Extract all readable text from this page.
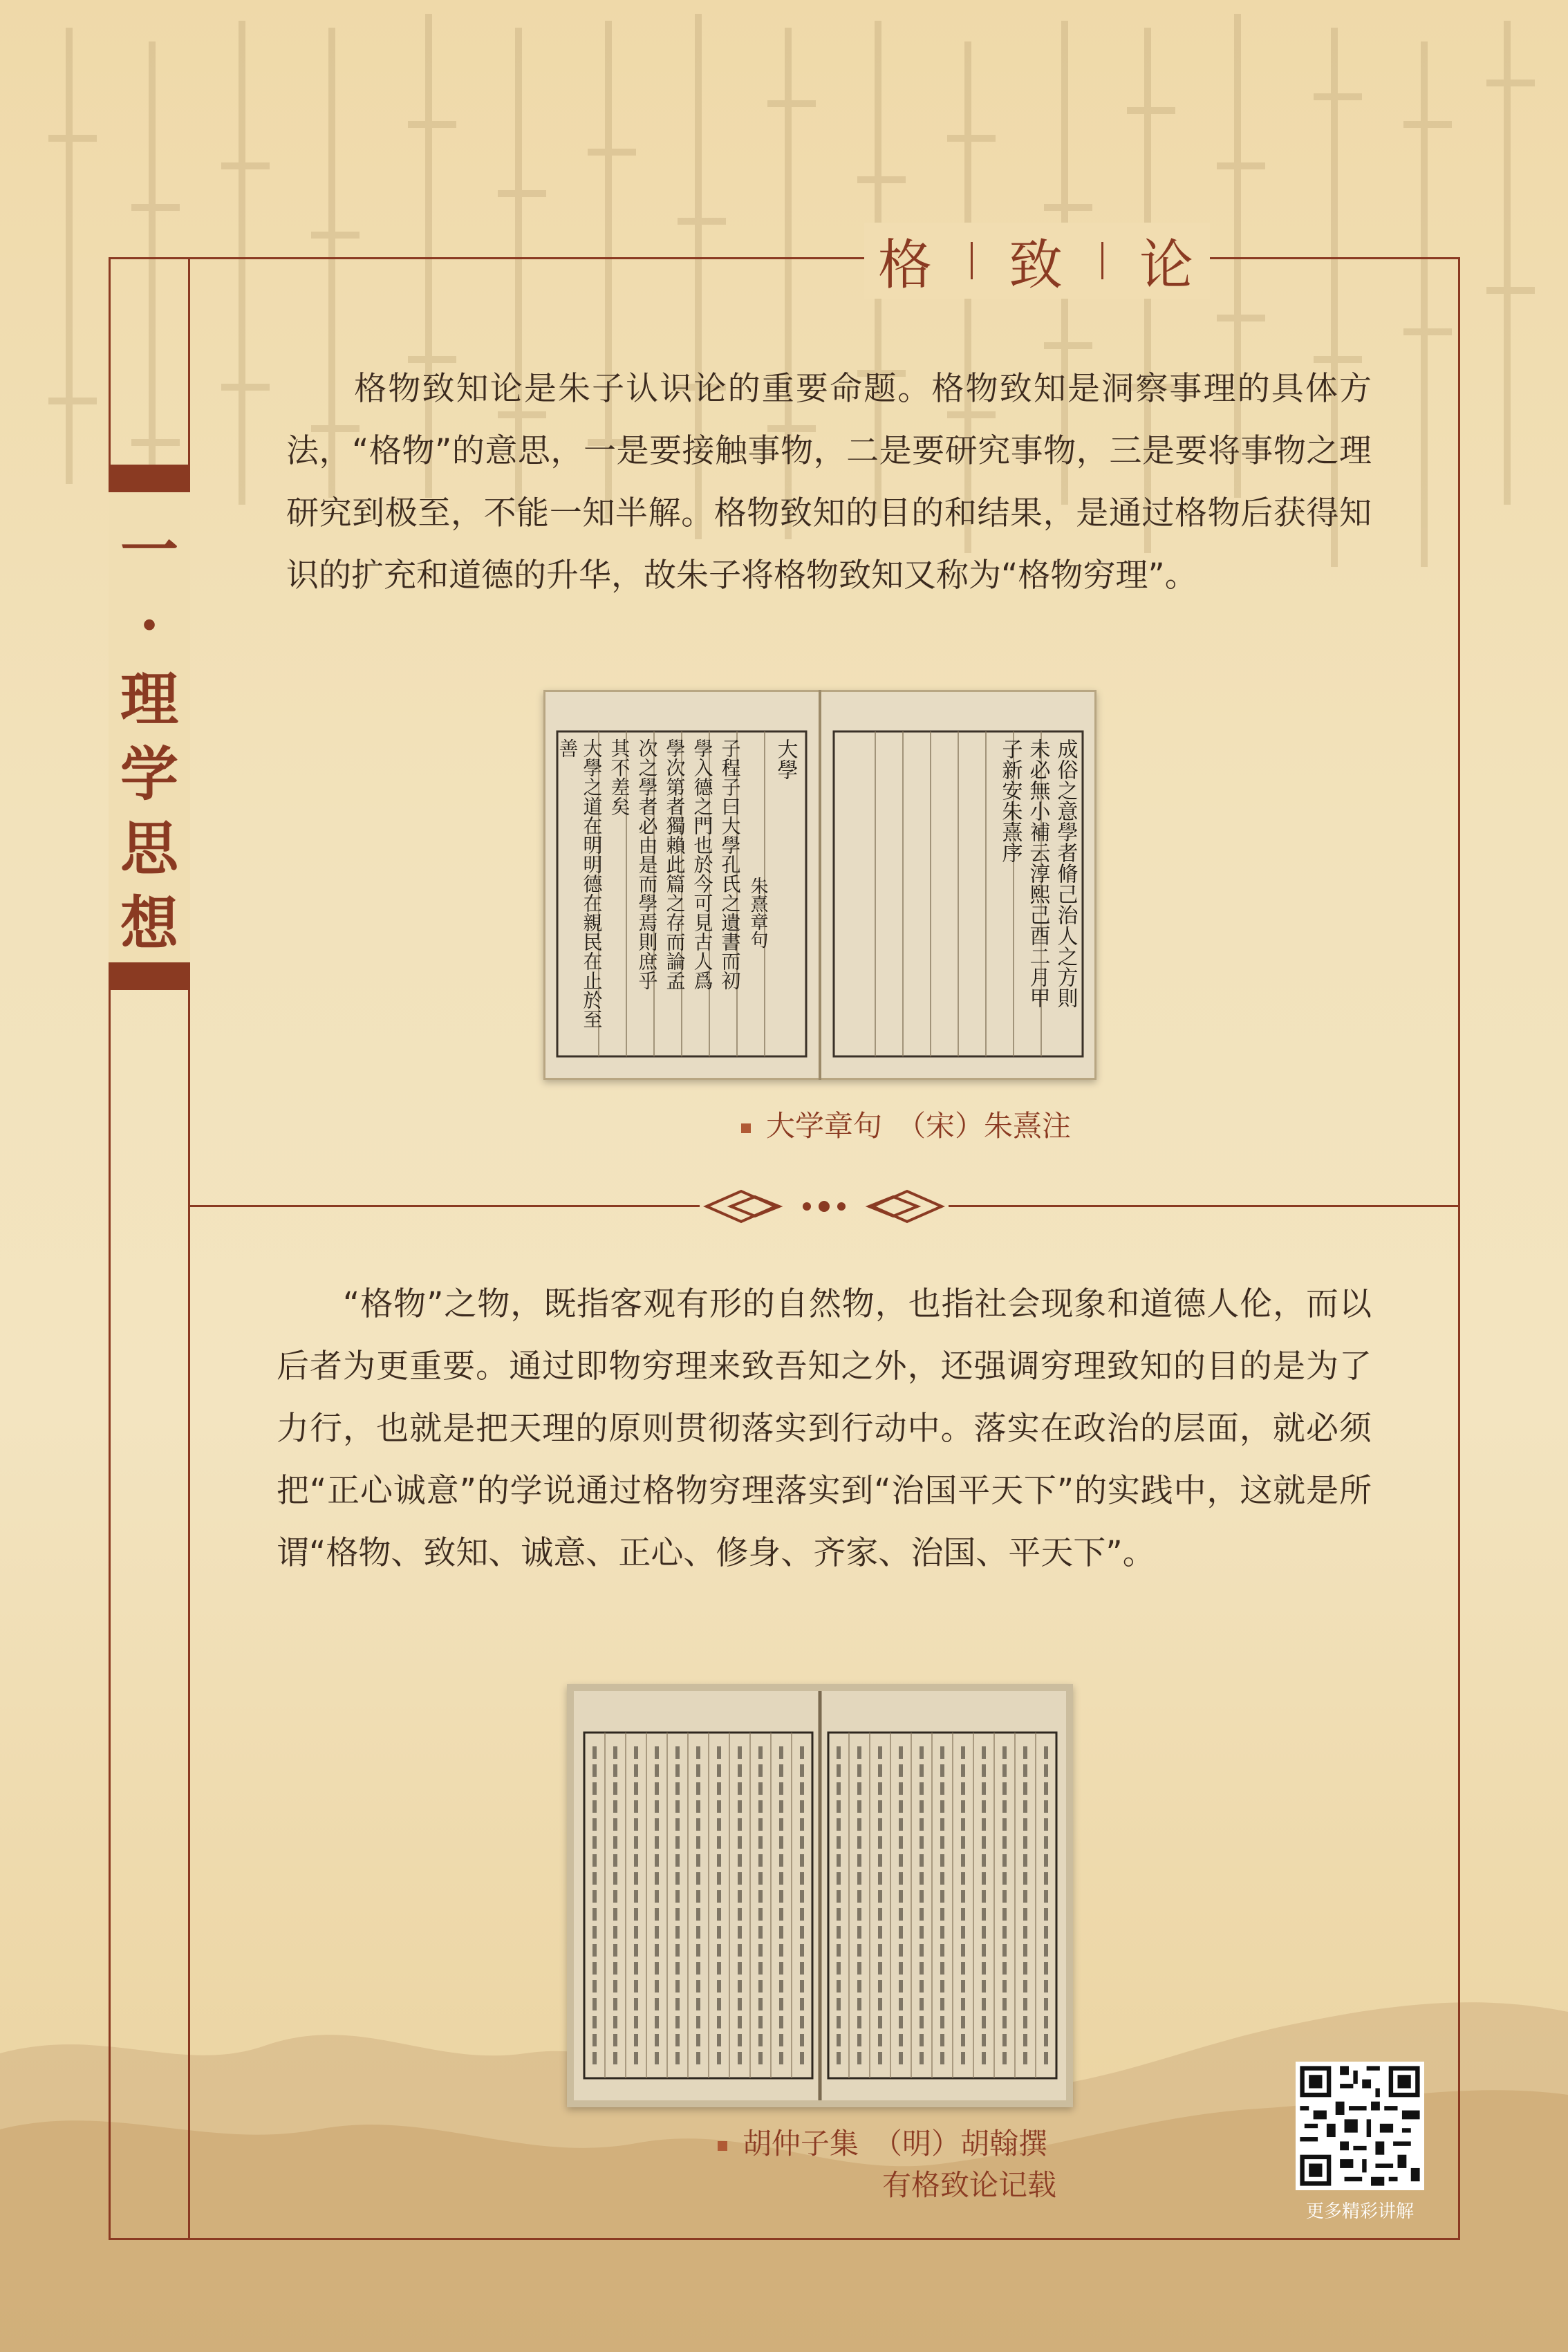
格 致 论
一·理学思想
　　格物致知论是朱子认识论的重要命题。格物致知是洞察事理的具体方法，“格物”的意思，一是要接触事物，二是要研究事物，三是要将事物之理研究到极至，不能一知半解。格物致知的目的和结果，是通过格物后获得知识的扩充和道德的升华，故朱子将格物致知又称为“格物穷理”。
成俗之意學者脩己治人之方則
未必無小補云淳熙己酉二月甲
子新安朱熹序
大學
朱熹章句
子程子曰大學孔氏之遺書而初
學入德之門也於今可見古人爲
學次第者獨賴此篇之存而論孟
次之學者必由是而學焉則庶乎
其不差矣
大學之道在明明德在親民在止於至
善
大学章句　（宋）朱熹注
　　“格物”之物，既指客观有形的自然物，也指社会现象和道德人伦，而以后者为更重要。通过即物穷理来致吾知之外，还强调穷理致知的目的是为了力行，也就是把天理的原则贯彻落实到行动中。落实在政治的层面，就必须把“正心诚意”的学说通过格物穷理落实到“治国平天下”的实践中，这就是所谓“格物、致知、诚意、正心、修身、齐家、治国、平天下”。
胡仲子集　（明）胡翰撰
有格致论记载
更多精彩讲解
